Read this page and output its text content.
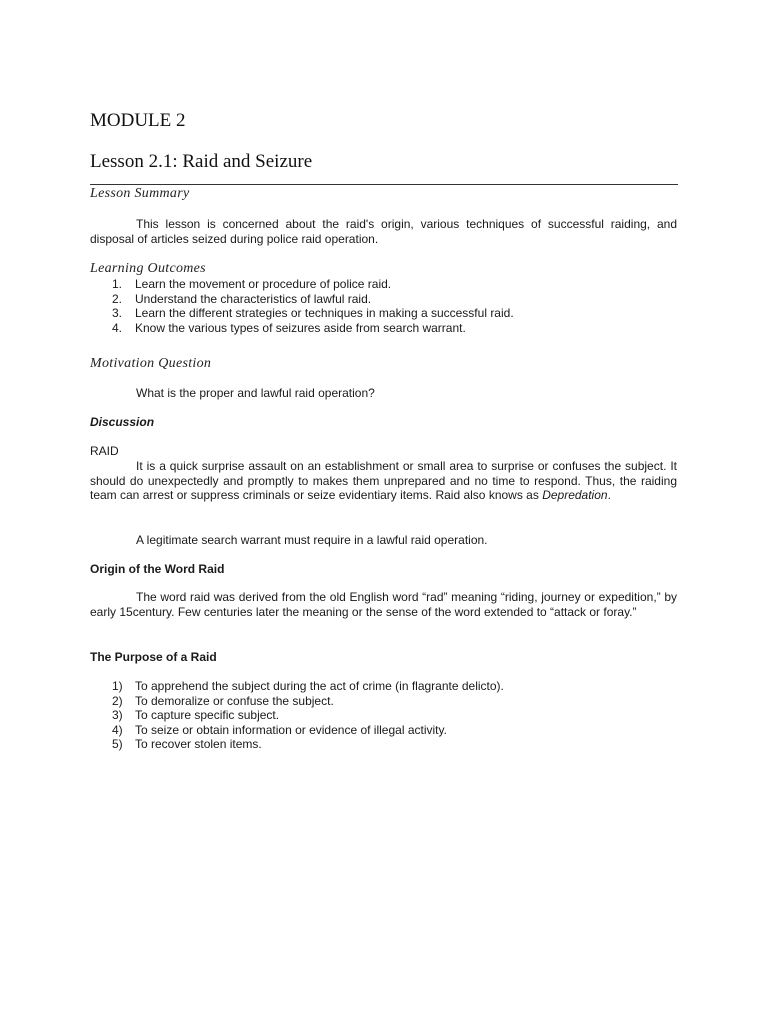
MODULE 2
Lesson 2.1: Raid and Seizure
Lesson Summary
This lesson is concerned about the raid's origin, various techniques of successful raiding, and disposal of articles seized during police raid operation.
Learning Outcomes
1. Learn the movement or procedure of police raid.
2. Understand the characteristics of lawful raid.
3. Learn the different strategies or techniques in making a successful raid.
4. Know the various types of seizures aside from search warrant.
Motivation Question
What is the proper and lawful raid operation?
Discussion
RAID
It is a quick surprise assault on an establishment or small area to surprise or confuses the subject. It should do unexpectedly and promptly to makes them unprepared and no time to respond. Thus, the raiding team can arrest or suppress criminals or seize evidentiary items. Raid also knows as Depredation.
A legitimate search warrant must require in a lawful raid operation.
Origin of the Word Raid
The word raid was derived from the old English word “rad” meaning “riding, journey or expedition,” by early 15century. Few centuries later the meaning or the sense of the word extended to “attack or foray.”
The Purpose of a Raid
1) To apprehend the subject during the act of crime (in flagrante delicto).
2) To demoralize or confuse the subject.
3) To capture specific subject.
4) To seize or obtain information or evidence of illegal activity.
5) To recover stolen items.
